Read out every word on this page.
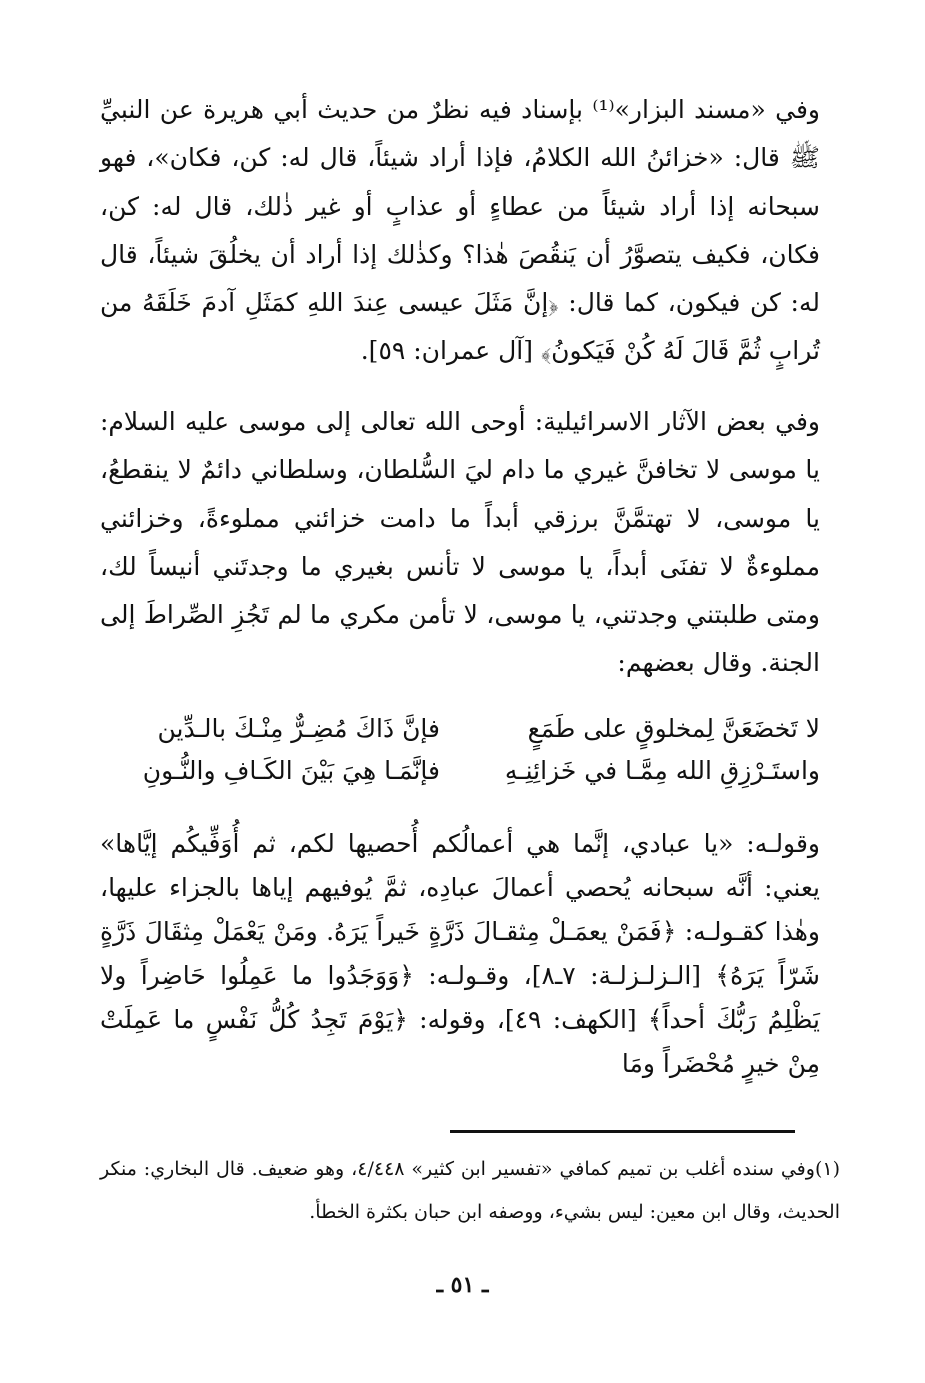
وفي «مسند البزار»⁽¹⁾ بإسناد فيه نظرٌ من حديث أبي هريرة عن النبيِّ ﷺ قال: «خزائنُ الله الكلامُ، فإذا أراد شيئاً، قال له: كن، فكان»، فهو سبحانه إذا أراد شيئاً من عطاءٍ أو عذابٍ أو غير ذٰلك، قال له: كن، فكان، فكيف يتصوَّرُ أن يَنقُصَ هٰذا؟ وكذٰلك إذا أراد أن يخلُقَ شيئاً، قال له: كن فيكون، كما قال: ﴿إنَّ مَثَلَ عيسى عِندَ اللهِ كمَثَلِ آدمَ خَلَقَهُ من تُرابٍ ثُمَّ قَالَ لَهُ كُنْ فَيَكونُ﴾ [آل عمران: ٥٩].

وفي بعض الآثار الاسرائيلية: أوحى الله تعالى إلى موسى عليه السلام: يا موسى لا تخافنَّ غيري ما دام ليَ السُّلطان، وسلطاني دائمٌ لا ينقطعُ، يا موسى، لا تهتمَّنَّ برزقي أبداً ما دامت خزائني مملوءةً، وخزائني مملوءةٌ لا تفنَى أبداً، يا موسى لا تأنس بغيري ما وجدتَني أنيساً لك، ومتى طلبتني وجدتني، يا موسى، لا تأمن مكري ما لم تَجُزِ الصِّراطَ إلى الجنة. وقال بعضهم:

لا تَخضَعَنَّ لِمخلوقٍ على طَمَعٍ
فإنَّ ذَاكَ مُضِـرٌّ مِنْـكَ بالـدِّين
واستَـرْزِقِ الله مِمَّـا في خَزائِنِـهِ
فإنَّمَـا هِيَ بَيْنَ الكَـافِ والنُّـونِ

وقولـه: «يا عبادي، إنَّما هي أعمالُكم أُحصيها لكم، ثم أُوَفِّيكُم إيَّاها» يعني: أنَّه سبحانه يُحصي أعمالَ عبادِه، ثمَّ يُوفيهم إياها بالجزاء عليها، وهٰذا كقـولـه: ﴿فَمَنْ يعمَـلْ مِثقـالَ ذَرَّةٍ خَيراً يَرَهُ. ومَنْ يَعْمَلْ مِثقَالَ ذَرَّةٍ شَرّاً يَرَهُ﴾ [الـزلـزلـة: ٧ـ٨]، وقـولـه: ﴿وَوَجَدُوا ما عَمِلُوا حَاضِراً ولا يَظْلِمُ رَبُّكَ أحداً﴾ [الكهف: ٤٩]، وقوله: ﴿يَوْمَ تَجِدُ كُلُّ نَفْسٍ ما عَمِلَتْ مِنْ خيرٍ مُحْضَراً ومَا

(١)وفي سنده أغلب بن تميم كمافي «تفسير ابن كثير» ٤/٤٤٨، وهو ضعيف. قال البخاري: منكر الحديث، وقال ابن معين: ليس بشيء، ووصفه ابن حبان بكثرة الخطأ.

ـ ٥١ ـ
